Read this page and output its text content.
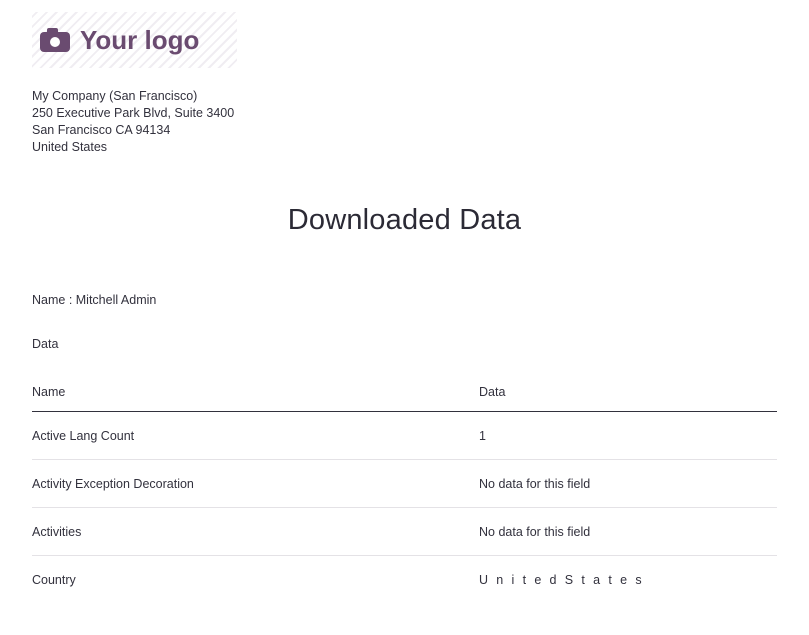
Your logo
My Company (San Francisco)
250 Executive Park Blvd, Suite 3400
San Francisco CA 94134
United States
Downloaded Data
Name : Mitchell Admin
Data
Name	Data
Active Lang Count	1
Activity Exception Decoration	No data for this field
Activities	No data for this field
Country	U n i t e d S t a t e s
